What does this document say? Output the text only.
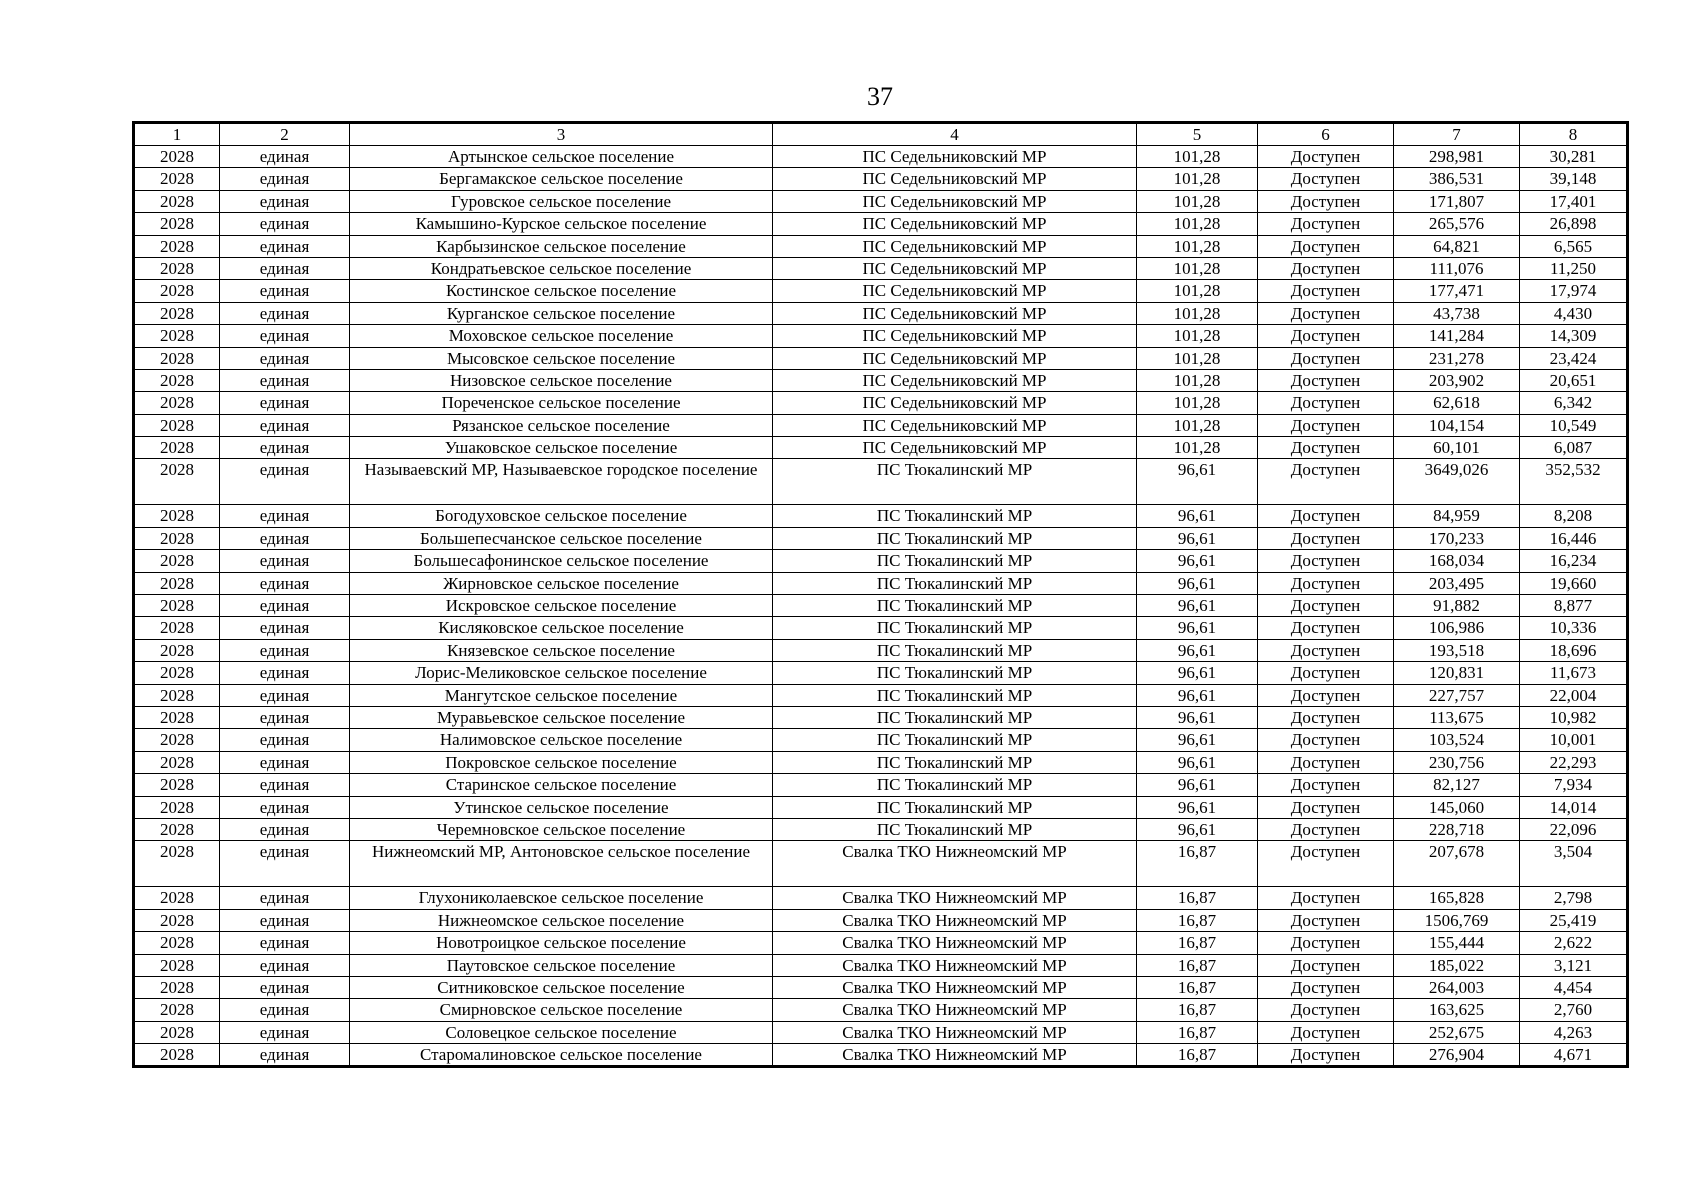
37
1	2	3	4	5	6	7	8
2028	единая	Артынское сельское поселение	ПС Седельниковский МР	101,28	Доступен	298,981	30,281
2028	единая	Бергамакское сельское поселение	ПС Седельниковский МР	101,28	Доступен	386,531	39,148
2028	единая	Гуровское сельское поселение	ПС Седельниковский МР	101,28	Доступен	171,807	17,401
2028	единая	Камышино-Курское сельское поселение	ПС Седельниковский МР	101,28	Доступен	265,576	26,898
2028	единая	Карбызинское сельское поселение	ПС Седельниковский МР	101,28	Доступен	64,821	6,565
2028	единая	Кондратьевское сельское поселение	ПС Седельниковский МР	101,28	Доступен	111,076	11,250
2028	единая	Костинское сельское поселение	ПС Седельниковский МР	101,28	Доступен	177,471	17,974
2028	единая	Курганское сельское поселение	ПС Седельниковский МР	101,28	Доступен	43,738	4,430
2028	единая	Моховское сельское поселение	ПС Седельниковский МР	101,28	Доступен	141,284	14,309
2028	единая	Мысовское сельское поселение	ПС Седельниковский МР	101,28	Доступен	231,278	23,424
2028	единая	Низовское сельское поселение	ПС Седельниковский МР	101,28	Доступен	203,902	20,651
2028	единая	Пореченское сельское поселение	ПС Седельниковский МР	101,28	Доступен	62,618	6,342
2028	единая	Рязанское сельское поселение	ПС Седельниковский МР	101,28	Доступен	104,154	10,549
2028	единая	Ушаковское сельское поселение	ПС Седельниковский МР	101,28	Доступен	60,101	6,087
2028	единая	Называевский МР, Называевское городское поселение	ПС Тюкалинский МР	96,61	Доступен	3649,026	352,532
2028	единая	Богодуховское сельское поселение	ПС Тюкалинский МР	96,61	Доступен	84,959	8,208
2028	единая	Большепесчанское сельское поселение	ПС Тюкалинский МР	96,61	Доступен	170,233	16,446
2028	единая	Большесафонинское сельское поселение	ПС Тюкалинский МР	96,61	Доступен	168,034	16,234
2028	единая	Жирновское сельское поселение	ПС Тюкалинский МР	96,61	Доступен	203,495	19,660
2028	единая	Искровское сельское поселение	ПС Тюкалинский МР	96,61	Доступен	91,882	8,877
2028	единая	Кисляковское сельское поселение	ПС Тюкалинский МР	96,61	Доступен	106,986	10,336
2028	единая	Князевское сельское поселение	ПС Тюкалинский МР	96,61	Доступен	193,518	18,696
2028	единая	Лорис-Меликовское сельское поселение	ПС Тюкалинский МР	96,61	Доступен	120,831	11,673
2028	единая	Мангутское сельское поселение	ПС Тюкалинский МР	96,61	Доступен	227,757	22,004
2028	единая	Муравьевское сельское поселение	ПС Тюкалинский МР	96,61	Доступен	113,675	10,982
2028	единая	Налимовское сельское поселение	ПС Тюкалинский МР	96,61	Доступен	103,524	10,001
2028	единая	Покровское сельское поселение	ПС Тюкалинский МР	96,61	Доступен	230,756	22,293
2028	единая	Старинское сельское поселение	ПС Тюкалинский МР	96,61	Доступен	82,127	7,934
2028	единая	Утинское сельское поселение	ПС Тюкалинский МР	96,61	Доступен	145,060	14,014
2028	единая	Черемновское сельское поселение	ПС Тюкалинский МР	96,61	Доступен	228,718	22,096
2028	единая	Нижнеомский МР, Антоновское сельское поселение	Свалка ТКО Нижнеомский МР	16,87	Доступен	207,678	3,504
2028	единая	Глухониколаевское сельское поселение	Свалка ТКО Нижнеомский МР	16,87	Доступен	165,828	2,798
2028	единая	Нижнеомское сельское поселение	Свалка ТКО Нижнеомский МР	16,87	Доступен	1506,769	25,419
2028	единая	Новотроицкое сельское поселение	Свалка ТКО Нижнеомский МР	16,87	Доступен	155,444	2,622
2028	единая	Паутовское сельское поселение	Свалка ТКО Нижнеомский МР	16,87	Доступен	185,022	3,121
2028	единая	Ситниковское сельское поселение	Свалка ТКО Нижнеомский МР	16,87	Доступен	264,003	4,454
2028	единая	Смирновское сельское поселение	Свалка ТКО Нижнеомский МР	16,87	Доступен	163,625	2,760
2028	единая	Соловецкое сельское поселение	Свалка ТКО Нижнеомский МР	16,87	Доступен	252,675	4,263
2028	единая	Старомалиновское сельское поселение	Свалка ТКО Нижнеомский МР	16,87	Доступен	276,904	4,671
